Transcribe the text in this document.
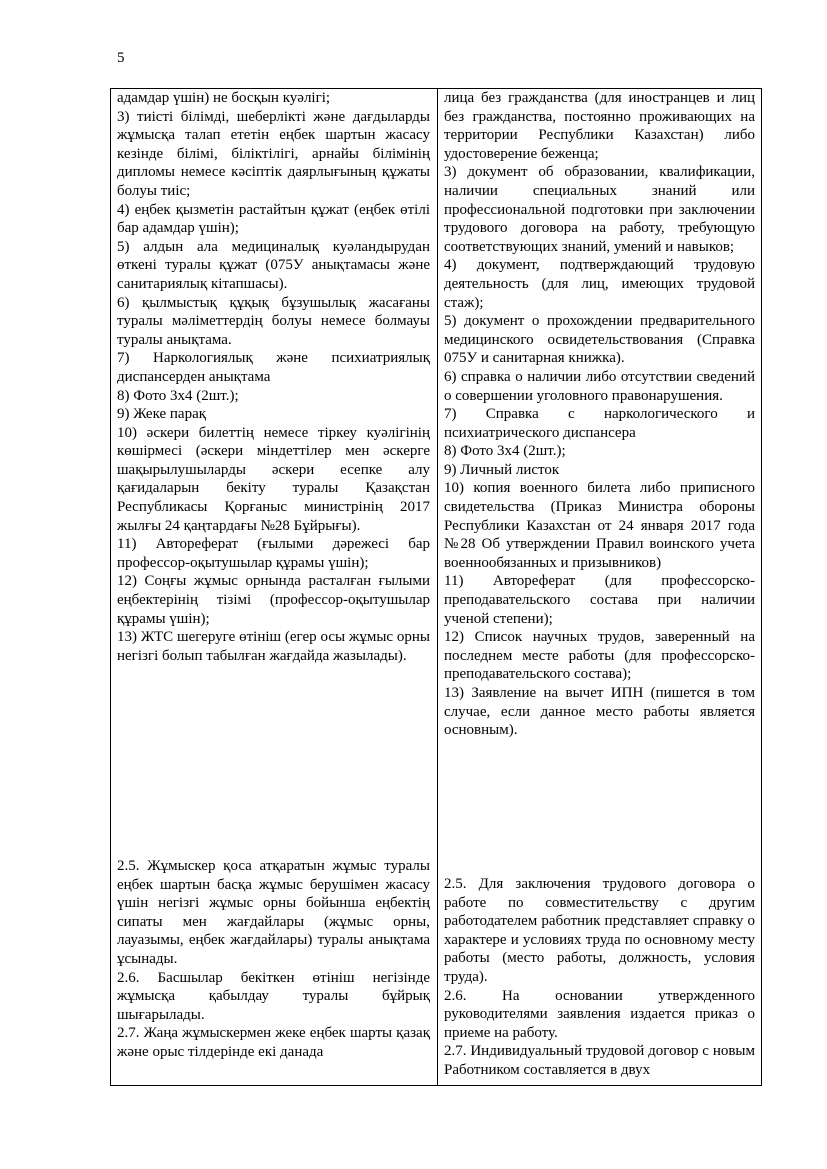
5

адамдар үшін) не босқын куәлігі;

3) тиісті білімді, шеберлікті және дағдыларды жұмысқа талап ететін еңбек шартын жасасу кезінде білімі, біліктілігі, арнайы білімінің дипломы немесе кәсіптік даярлығының құжаты болуы тиіс;

4) еңбек қызметін растайтын құжат (еңбек өтілі бар адамдар үшін);

5) алдын ала медициналық куәландырудан өткені туралы құжат (075У анықтамасы және санитариялық кітапшасы).

6) қылмыстық құқық бұзушылық жасағаны туралы мәліметтердің болуы немесе болмауы туралы анықтама.

7) Наркологиялық және психиатриялық диспансерден анықтама

8) Фото 3х4 (2шт.);

9) Жеке парақ

10) әскери билеттің немесе тіркеу куәлігінің көшірмесі (әскери міндеттілер мен әскерге шақырылушыларды әскери есепке алу қағидаларын бекіту туралы Қазақстан Республикасы Қорғаныс министрінің 2017 жылғы 24 қаңтардағы №28 Бұйрығы).

11) Автореферат (ғылыми дәрежесі бар профессор-оқытушылар құрамы үшін);

12) Соңғы жұмыс орнында расталған ғылыми еңбектерінің тізімі (профессор-оқытушылар құрамы үшін);

13) ЖТС шегеруге өтініш (егер осы жұмыс орны негізгі болып табылған жағдайда жазылады).

2.5. Жұмыскер қоса атқаратын жұмыс туралы еңбек шартын басқа жұмыс берушімен жасасу үшін негізгі жұмыс орны бойынша еңбектің сипаты мен жағдайлары (жұмыс орны, лауазымы, еңбек жағдайлары) туралы анықтама ұсынады.

2.6. Басшылар бекіткен өтініш негізінде жұмысқа қабылдау туралы бұйрық шығарылады.

2.7. Жаңа жұмыскермен жеке еңбек шарты қазақ және орыс тілдерінде екі данада

лица без гражданства (для иностранцев и лиц без гражданства, постоянно проживающих на территории Республики Казахстан) либо удостоверение беженца;

3) документ об образовании, квалификации, наличии специальных знаний или профессиональной подготовки при заключении трудового договора на работу, требующую соответствующих знаний, умений и навыков;

4) документ, подтверждающий трудовую деятельность (для лиц, имеющих трудовой стаж);

5) документ о прохождении предварительного медицинского освидетельствования (Справка 075У и санитарная книжка).

6) справка о наличии либо отсутствии сведений о совершении уголовного правонарушения.

7) Справка с наркологического и психиатрического диспансера

8) Фото 3х4 (2шт.);

9) Личный листок

10) копия военного билета либо приписного свидетельства (Приказ Министра обороны Республики Казахстан от 24 января 2017 года №28 Об утверждении Правил воинского учета военнообязанных и призывников)

11) Автореферат (для профессорско-преподавательского состава при наличии ученой степени);

12) Список научных трудов, заверенный на последнем месте работы (для профессорско-преподавательского состава);

13) Заявление на вычет ИПН (пишется в том случае, если данное место работы является основным).

2.5. Для заключения трудового договора о работе по совместительству с другим работодателем работник представляет справку о характере и условиях труда по основному месту работы (место работы, должность, условия труда).

2.6. На основании утвержденного руководителями заявления издается приказ о приеме на работу.

2.7. Индивидуальный трудовой договор с новым Работником составляется в двух
